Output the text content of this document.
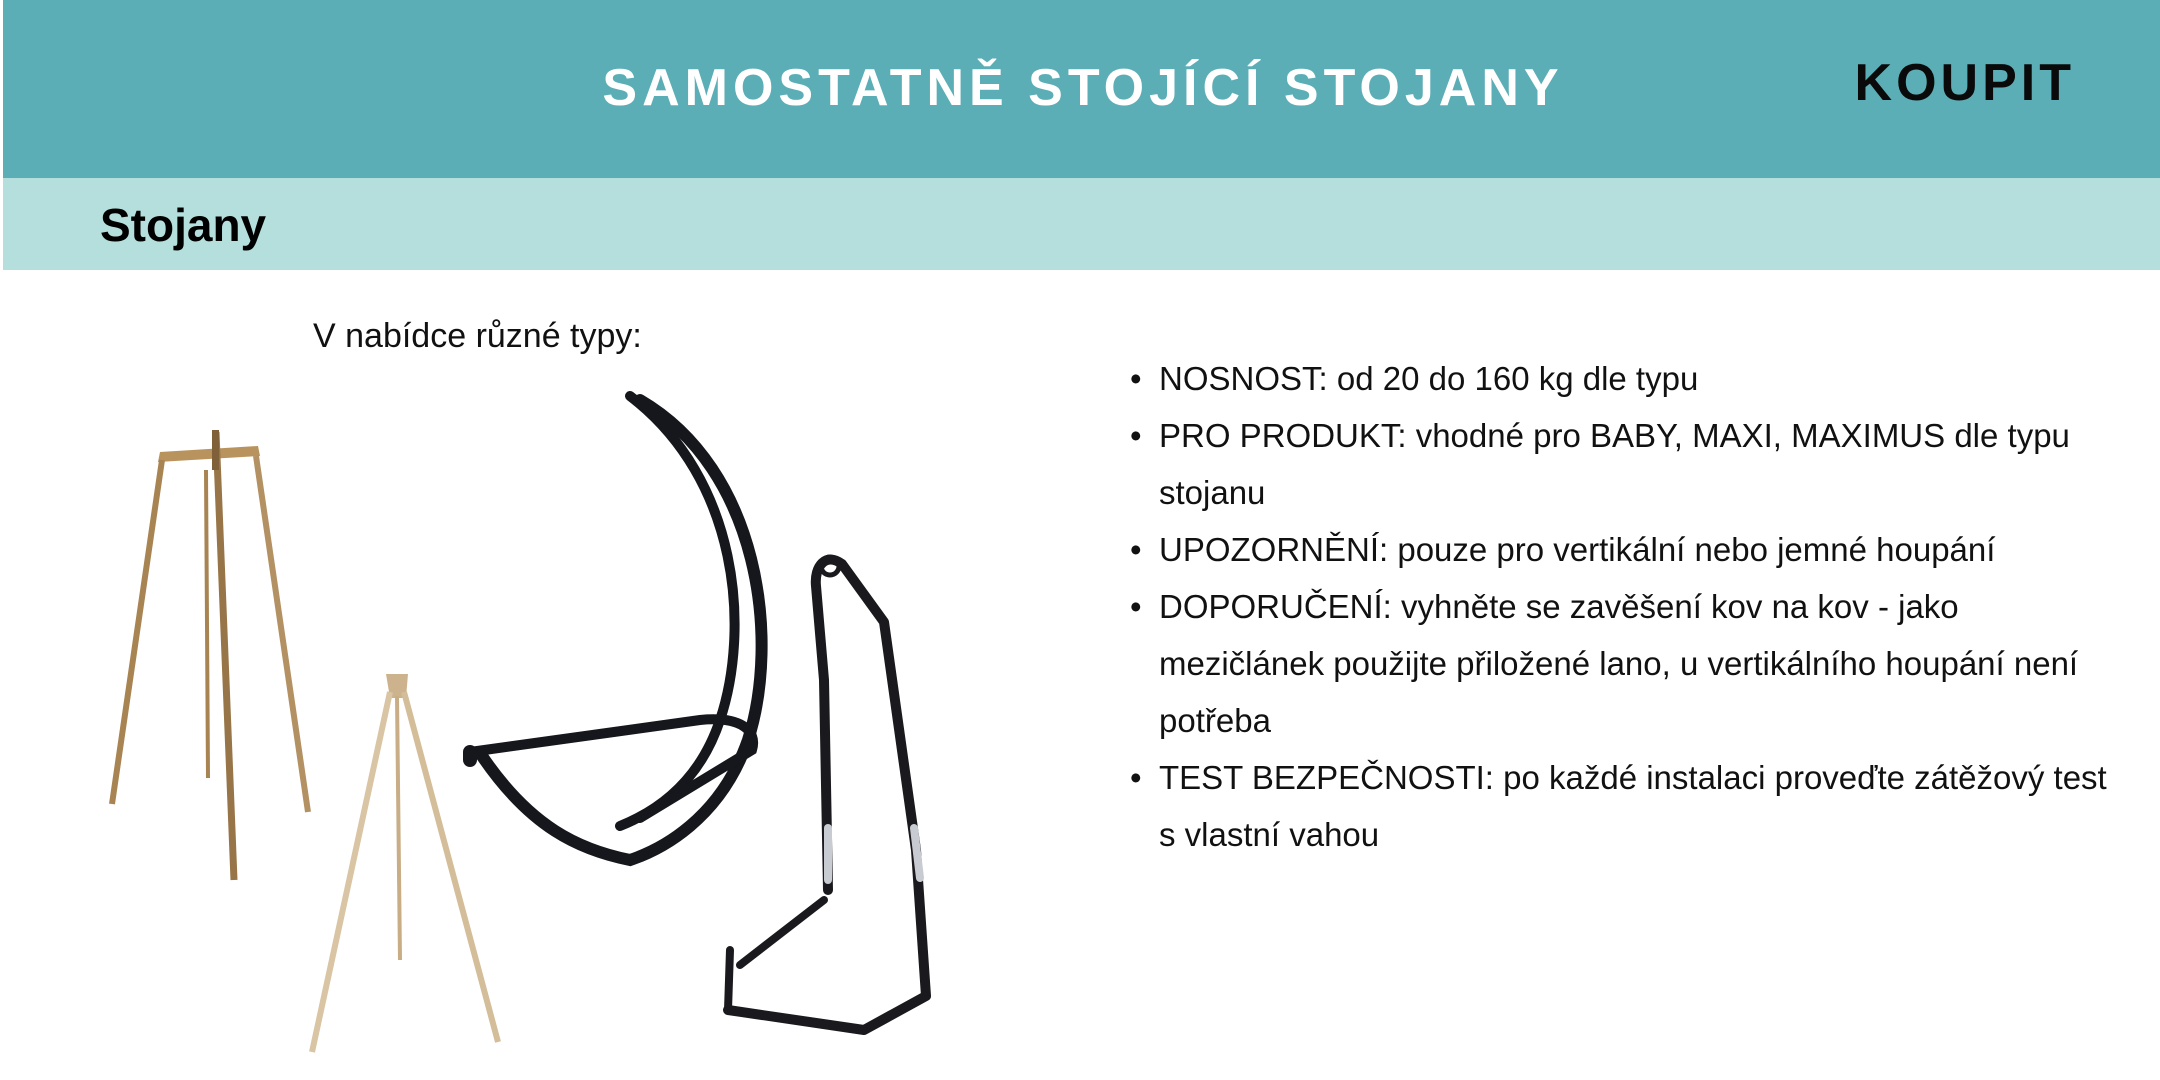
SAMOSTATNĚ STOJÍCÍ STOJANY	KOUPIT
Stojany
V nabídce různé typy:
• NOSNOST: od 20 do 160 kg dle typu
• PRO PRODUKT: vhodné pro BABY, MAXI, MAXIMUS dle typu stojanu
• UPOZORNĚNÍ: pouze pro vertikální nebo jemné houpání
• DOPORUČENÍ: vyhněte se zavěšení kov na kov - jako mezičlánek použijte přiložené lano, u vertikálního houpání není potřeba
• TEST BEZPEČNOSTI: po každé instalaci proveďte zátěžový test s vlastní vahou
